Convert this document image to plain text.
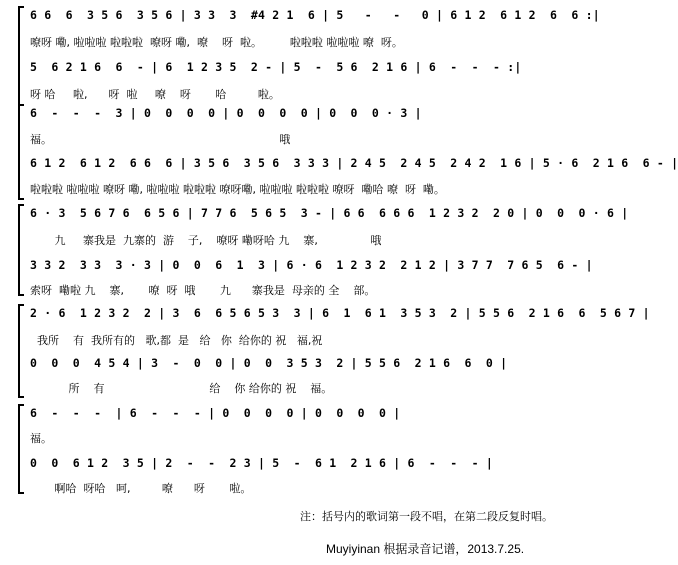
6 6  6  3 5 6  3 5 6 | 3 3  3  #4 2 1  6 | 5   -   -   0 | 6 1 2  6 1 2  6  6 :|
嘹呀 嘞, 啦啦啦 啦啦啦  嘹呀 嘞,  嘹    呀  啦。        啦啦啦 啦啦啦 嘹  呀。
5  6 2 1 6  6  - | 6  1 2 3 5  2 - | 5  -  5 6  2 1 6 | 6  -  -  - :|
呀 哈     啦,      呀  啦     嘹    呀       哈         啦。
6  -  -  -  3 | 0  0  0  0 | 0  0  0  0 | 0  0  0 · 3 |
福。                                                                 哦
6 1 2  6 1 2  6 6  6 | 3 5 6  3 5 6  3 3 3 | 2 4 5  2 4 5  2 4 2  1 6 | 5 · 6  2 1 6  6 - |
啦啦啦 啦啦啦 嘹呀 嘞, 啦啦啦 啦啦啦 嘹呀嘞, 啦啦啦 啦啦啦 嘹呀  嘞哈 嘹  呀  嘞。
6 · 3  5 6 7 6  6 5 6 | 7 7 6  5 6 5  3 - | 6 6  6 6 6  1 2 3 2  2 0 | 0  0  0 · 6 |
九     寨我是  九寨的  游    子,    嘹呀 嘞呀哈 九    寨,               哦
3 3 2  3 3  3 · 3 | 0  0  6  1  3 | 6 · 6  1 2 3 2  2 1 2 | 3 7 7  7 6 5  6 - |
索呀  嘞啦 九    寨,       嘹  呀  哦       九      寨我是  母亲的 全    部。
2 · 6  1 2 3 2  2 | 3  6  6 5 6 5 3  3 | 6  1  6 1  3 5 3  2 | 5 5 6  2 1 6  6  5 6 7 |
我所    有  我所有的   歌,都  是   给   你  给你的 祝   福,祝
0  0  0  4 5 4 | 3  -  0  0 | 0  0  3 5 3  2 | 5 5 6  2 1 6  6  0 |
所    有                              给    你 给你的 祝    福。
6  -  -  -  | 6  -  -  - | 0  0  0  0 | 0  0  0  0 |
福。
0  0  6 1 2  3 5 | 2  -  -  2 3 | 5  -  6 1  2 1 6 | 6  -  -  - |
啊哈  呀哈   呵,         嘹      呀       啦。
注：括号内的歌词第一段不唱，在第二段反复时唱。
Muyiyinan 根据录音记谱，2013.7.25.
